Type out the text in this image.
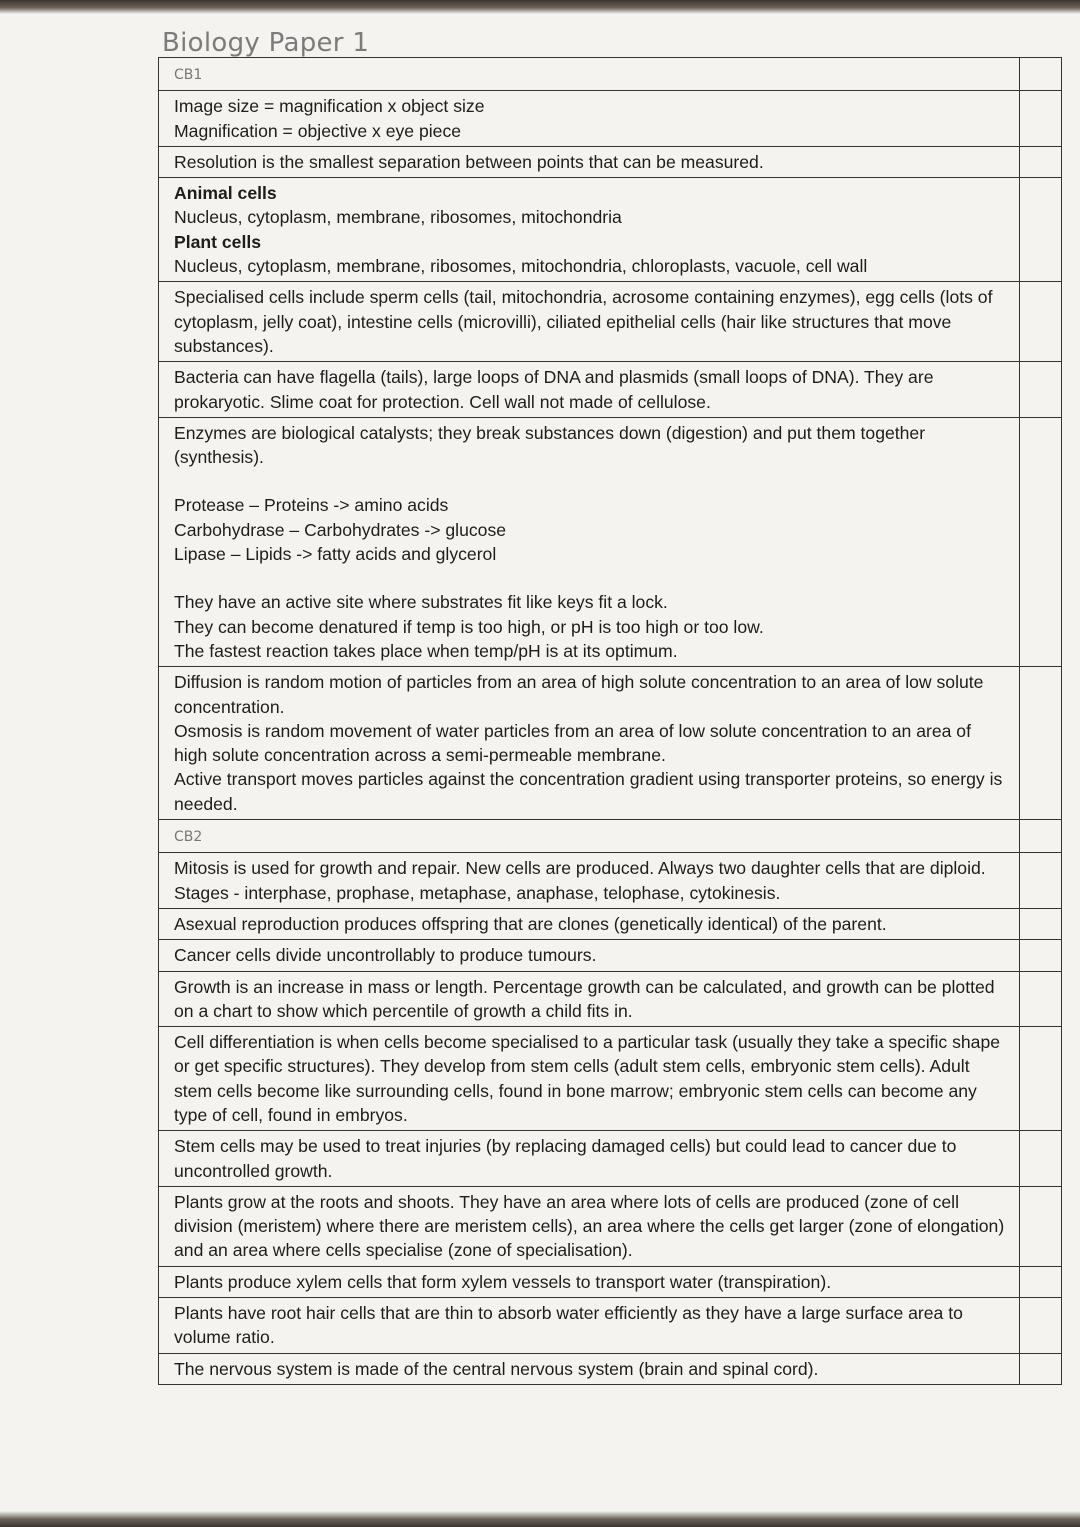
Biology Paper 1
CB1
Image size = magnification x object size
Magnification = objective x eye piece
Resolution is the smallest separation between points that can be measured.
Animal cells
Nucleus, cytoplasm, membrane, ribosomes, mitochondria
Plant cells
Nucleus, cytoplasm, membrane, ribosomes, mitochondria, chloroplasts, vacuole, cell wall
Specialised cells include sperm cells (tail, mitochondria, acrosome containing enzymes), egg cells (lots of cytoplasm, jelly coat), intestine cells (microvilli), ciliated epithelial cells (hair like structures that move substances).
Bacteria can have flagella (tails), large loops of DNA and plasmids (small loops of DNA). They are prokaryotic. Slime coat for protection. Cell wall not made of cellulose.
Enzymes are biological catalysts; they break substances down (digestion) and put them together (synthesis).
Protease – Proteins -> amino acids
Carbohydrase – Carbohydrates -> glucose
Lipase – Lipids -> fatty acids and glycerol
They have an active site where substrates fit like keys fit a lock.
They can become denatured if temp is too high, or pH is too high or too low.
The fastest reaction takes place when temp/pH is at its optimum.
Diffusion is random motion of particles from an area of high solute concentration to an area of low solute concentration.
Osmosis is random movement of water particles from an area of low solute concentration to an area of high solute concentration across a semi-permeable membrane.
Active transport moves particles against the concentration gradient using transporter proteins, so energy is needed.
CB2
Mitosis is used for growth and repair. New cells are produced. Always two daughter cells that are diploid.
Stages - interphase, prophase, metaphase, anaphase, telophase, cytokinesis.
Asexual reproduction produces offspring that are clones (genetically identical) of the parent.
Cancer cells divide uncontrollably to produce tumours.
Growth is an increase in mass or length. Percentage growth can be calculated, and growth can be plotted on a chart to show which percentile of growth a child fits in.
Cell differentiation is when cells become specialised to a particular task (usually they take a specific shape or get specific structures). They develop from stem cells (adult stem cells, embryonic stem cells). Adult stem cells become like surrounding cells, found in bone marrow; embryonic stem cells can become any type of cell, found in embryos.
Stem cells may be used to treat injuries (by replacing damaged cells) but could lead to cancer due to uncontrolled growth.
Plants grow at the roots and shoots. They have an area where lots of cells are produced (zone of cell division (meristem) where there are meristem cells), an area where the cells get larger (zone of elongation) and an area where cells specialise (zone of specialisation).
Plants produce xylem cells that form xylem vessels to transport water (transpiration).
Plants have root hair cells that are thin to absorb water efficiently as they have a large surface area to volume ratio.
The nervous system is made of the central nervous system (brain and spinal cord).
